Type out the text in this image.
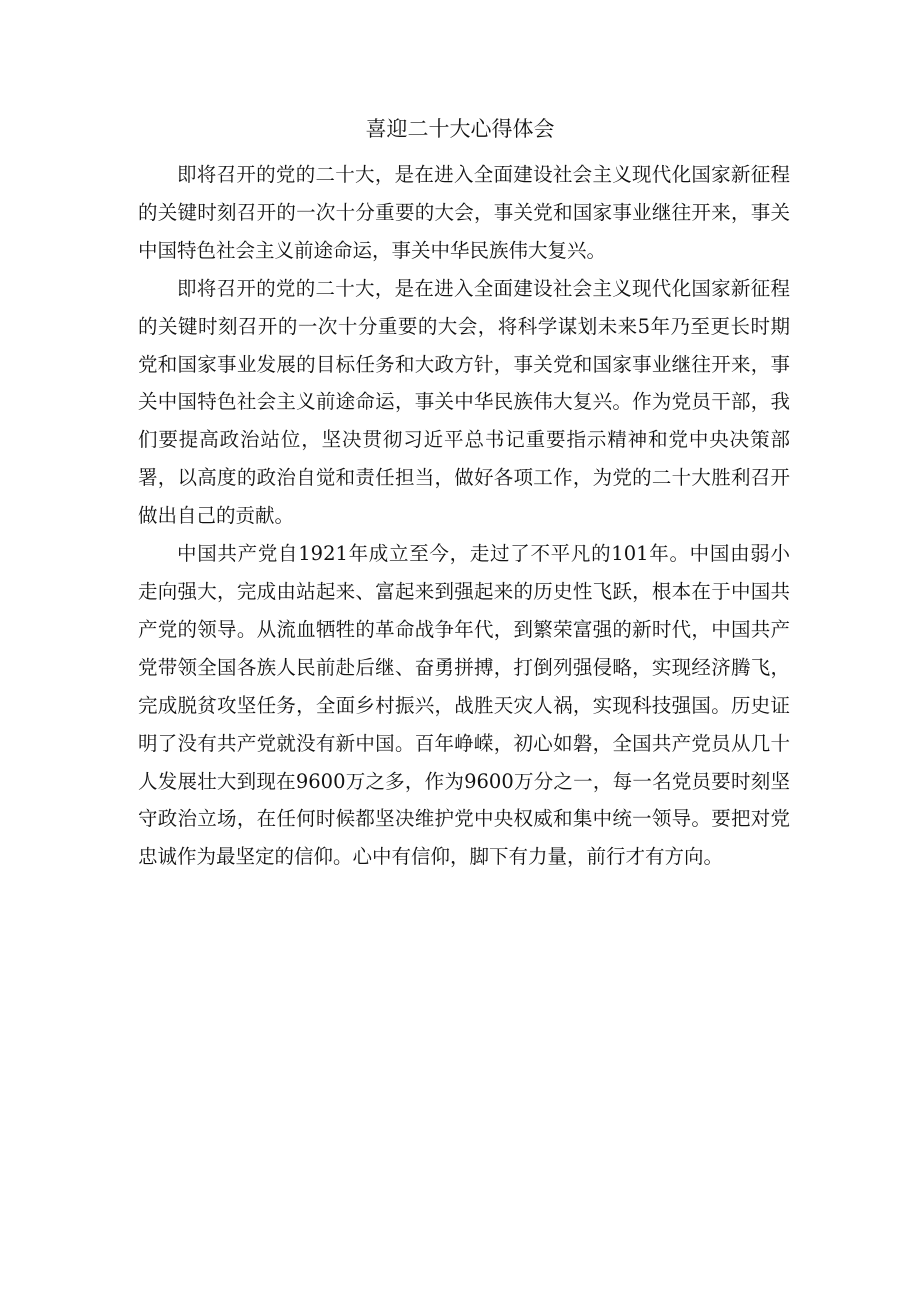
喜迎二十大心得体会

即将召开的党的二十大，是在进入全面建设社会主义现代化国家新征程的关键时刻召开的一次十分重要的大会，事关党和国家事业继往开来，事关中国特色社会主义前途命运，事关中华民族伟大复兴。

即将召开的党的二十大，是在进入全面建设社会主义现代化国家新征程的关键时刻召开的一次十分重要的大会，将科学谋划未来5年乃至更长时期党和国家事业发展的目标任务和大政方针，事关党和国家事业继往开来，事关中国特色社会主义前途命运，事关中华民族伟大复兴。作为党员干部，我们要提高政治站位，坚决贯彻习近平总书记重要指示精神和党中央决策部署，以高度的政治自觉和责任担当，做好各项工作，为党的二十大胜利召开做出自己的贡献。

中国共产党自1921年成立至今，走过了不平凡的101年。中国由弱小走向强大，完成由站起来、富起来到强起来的历史性飞跃，根本在于中国共产党的领导。从流血牺牲的革命战争年代，到繁荣富强的新时代，中国共产党带领全国各族人民前赴后继、奋勇拼搏，打倒列强侵略，实现经济腾飞，完成脱贫攻坚任务，全面乡村振兴，战胜天灾人祸，实现科技强国。历史证明了没有共产党就没有新中国。百年峥嵘，初心如磐，全国共产党员从几十人发展壮大到现在9600万之多，作为9600万分之一，每一名党员要时刻坚守政治立场，在任何时候都坚决维护党中央权威和集中统一领导。要把对党忠诚作为最坚定的信仰。心中有信仰，脚下有力量，前行才有方向。
